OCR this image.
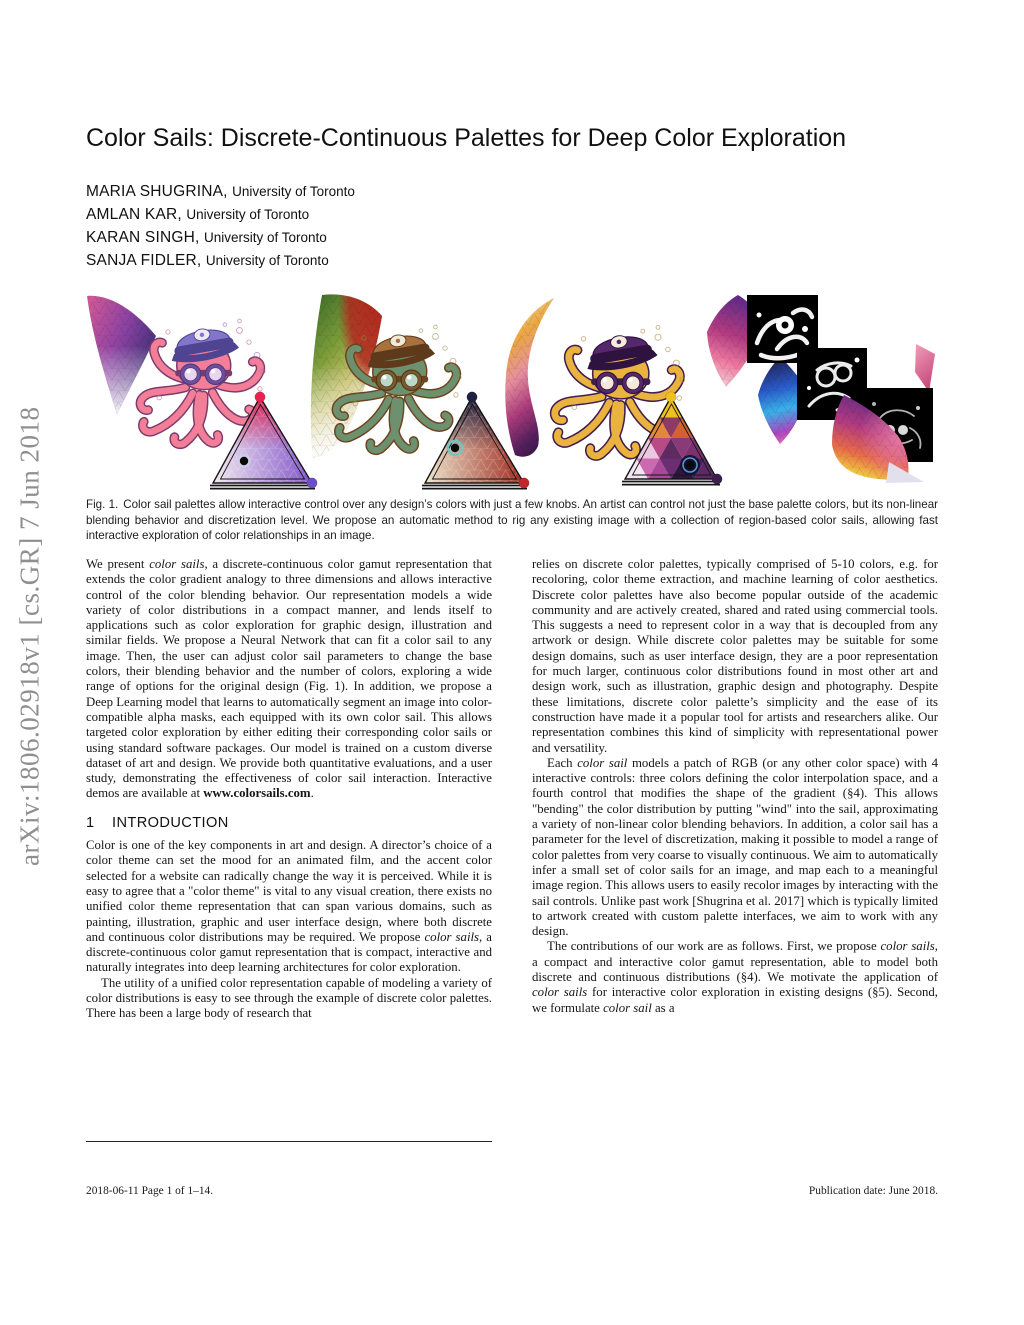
arXiv:1806.02918v1 [cs.GR] 7 Jun 2018
Color Sails: Discrete-Continuous Palettes for Deep Color Exploration
MARIA SHUGRINA, University of Toronto
AMLAN KAR, University of Toronto
KARAN SINGH, University of Toronto
SANJA FIDLER, University of Toronto
Fig. 1. Color sail palettes allow interactive control over any design’s colors with just a few knobs. An artist can control not just the base palette colors, but its non-linear blending behavior and discretization level. We propose an automatic method to rig any existing image with a collection of region-based color sails, allowing fast interactive exploration of color relationships in an image.

We present color sails, a discrete-continuous color gamut representation that extends the color gradient analogy to three dimensions and allows interactive control of the color blending behavior. Our representation models a wide variety of color distributions in a compact manner, and lends itself to applications such as color exploration for graphic design, illustration and similar fields. We propose a Neural Network that can fit a color sail to any image. Then, the user can adjust color sail parameters to change the base colors, their blending behavior and the number of colors, exploring a wide range of options for the original design (Fig. 1). In addition, we propose a Deep Learning model that learns to automatically segment an image into color-compatible alpha masks, each equipped with its own color sail. This allows targeted color exploration by either editing their corresponding color sails or using standard software packages. Our model is trained on a custom diverse dataset of art and design. We provide both quantitative evaluations, and a user study, demonstrating the effectiveness of color sail interaction. Interactive demos are available at www.colorsails.com.

1 INTRODUCTION

Color is one of the key components in art and design. A director’s choice of a color theme can set the mood for an animated film, and the accent color selected for a website can radically change the way it is perceived. While it is easy to agree that a "color theme" is vital to any visual creation, there exists no unified color theme representation that can span various domains, such as painting, illustration, graphic and user interface design, where both discrete and continuous color distributions may be required. We propose color sails, a discrete-continuous color gamut representation that is compact, interactive and naturally integrates into deep learning architectures for color exploration.

The utility of a unified color representation capable of modeling a variety of color distributions is easy to see through the example of discrete color palettes. There has been a large body of research that

relies on discrete color palettes, typically comprised of 5-10 colors, e.g. for recoloring, color theme extraction, and machine learning of color aesthetics. Discrete color palettes have also become popular outside of the academic community and are actively created, shared and rated using commercial tools. This suggests a need to represent color in a way that is decoupled from any artwork or design. While discrete color palettes may be suitable for some design domains, such as user interface design, they are a poor representation for much larger, continuous color distributions found in most other art and design work, such as illustration, graphic design and photography. Despite these limitations, discrete color palette’s simplicity and the ease of its construction have made it a popular tool for artists and researchers alike. Our representation combines this kind of simplicity with representational power and versatility.

Each color sail models a patch of RGB (or any other color space) with 4 interactive controls: three colors defining the color interpolation space, and a fourth control that modifies the shape of the gradient (§4). This allows "bending" the color distribution by putting "wind" into the sail, approximating a variety of non-linear color blending behaviors. In addition, a color sail has a parameter for the level of discretization, making it possible to model a range of color palettes from very coarse to visually continuous. We aim to automatically infer a small set of color sails for an image, and map each to a meaningful image region. This allows users to easily recolor images by interacting with the sail controls. Unlike past work [Shugrina et al. 2017] which is typically limited to artwork created with custom palette interfaces, we aim to work with any design.

The contributions of our work are as follows. First, we propose color sails, a compact and interactive color gamut representation, able to model both discrete and continuous distributions (§4). We motivate the application of color sails for interactive color exploration in existing designs (§5). Second, we formulate color sail as a

2018-06-11 Page 1 of 1–14.	Publication date: June 2018.
